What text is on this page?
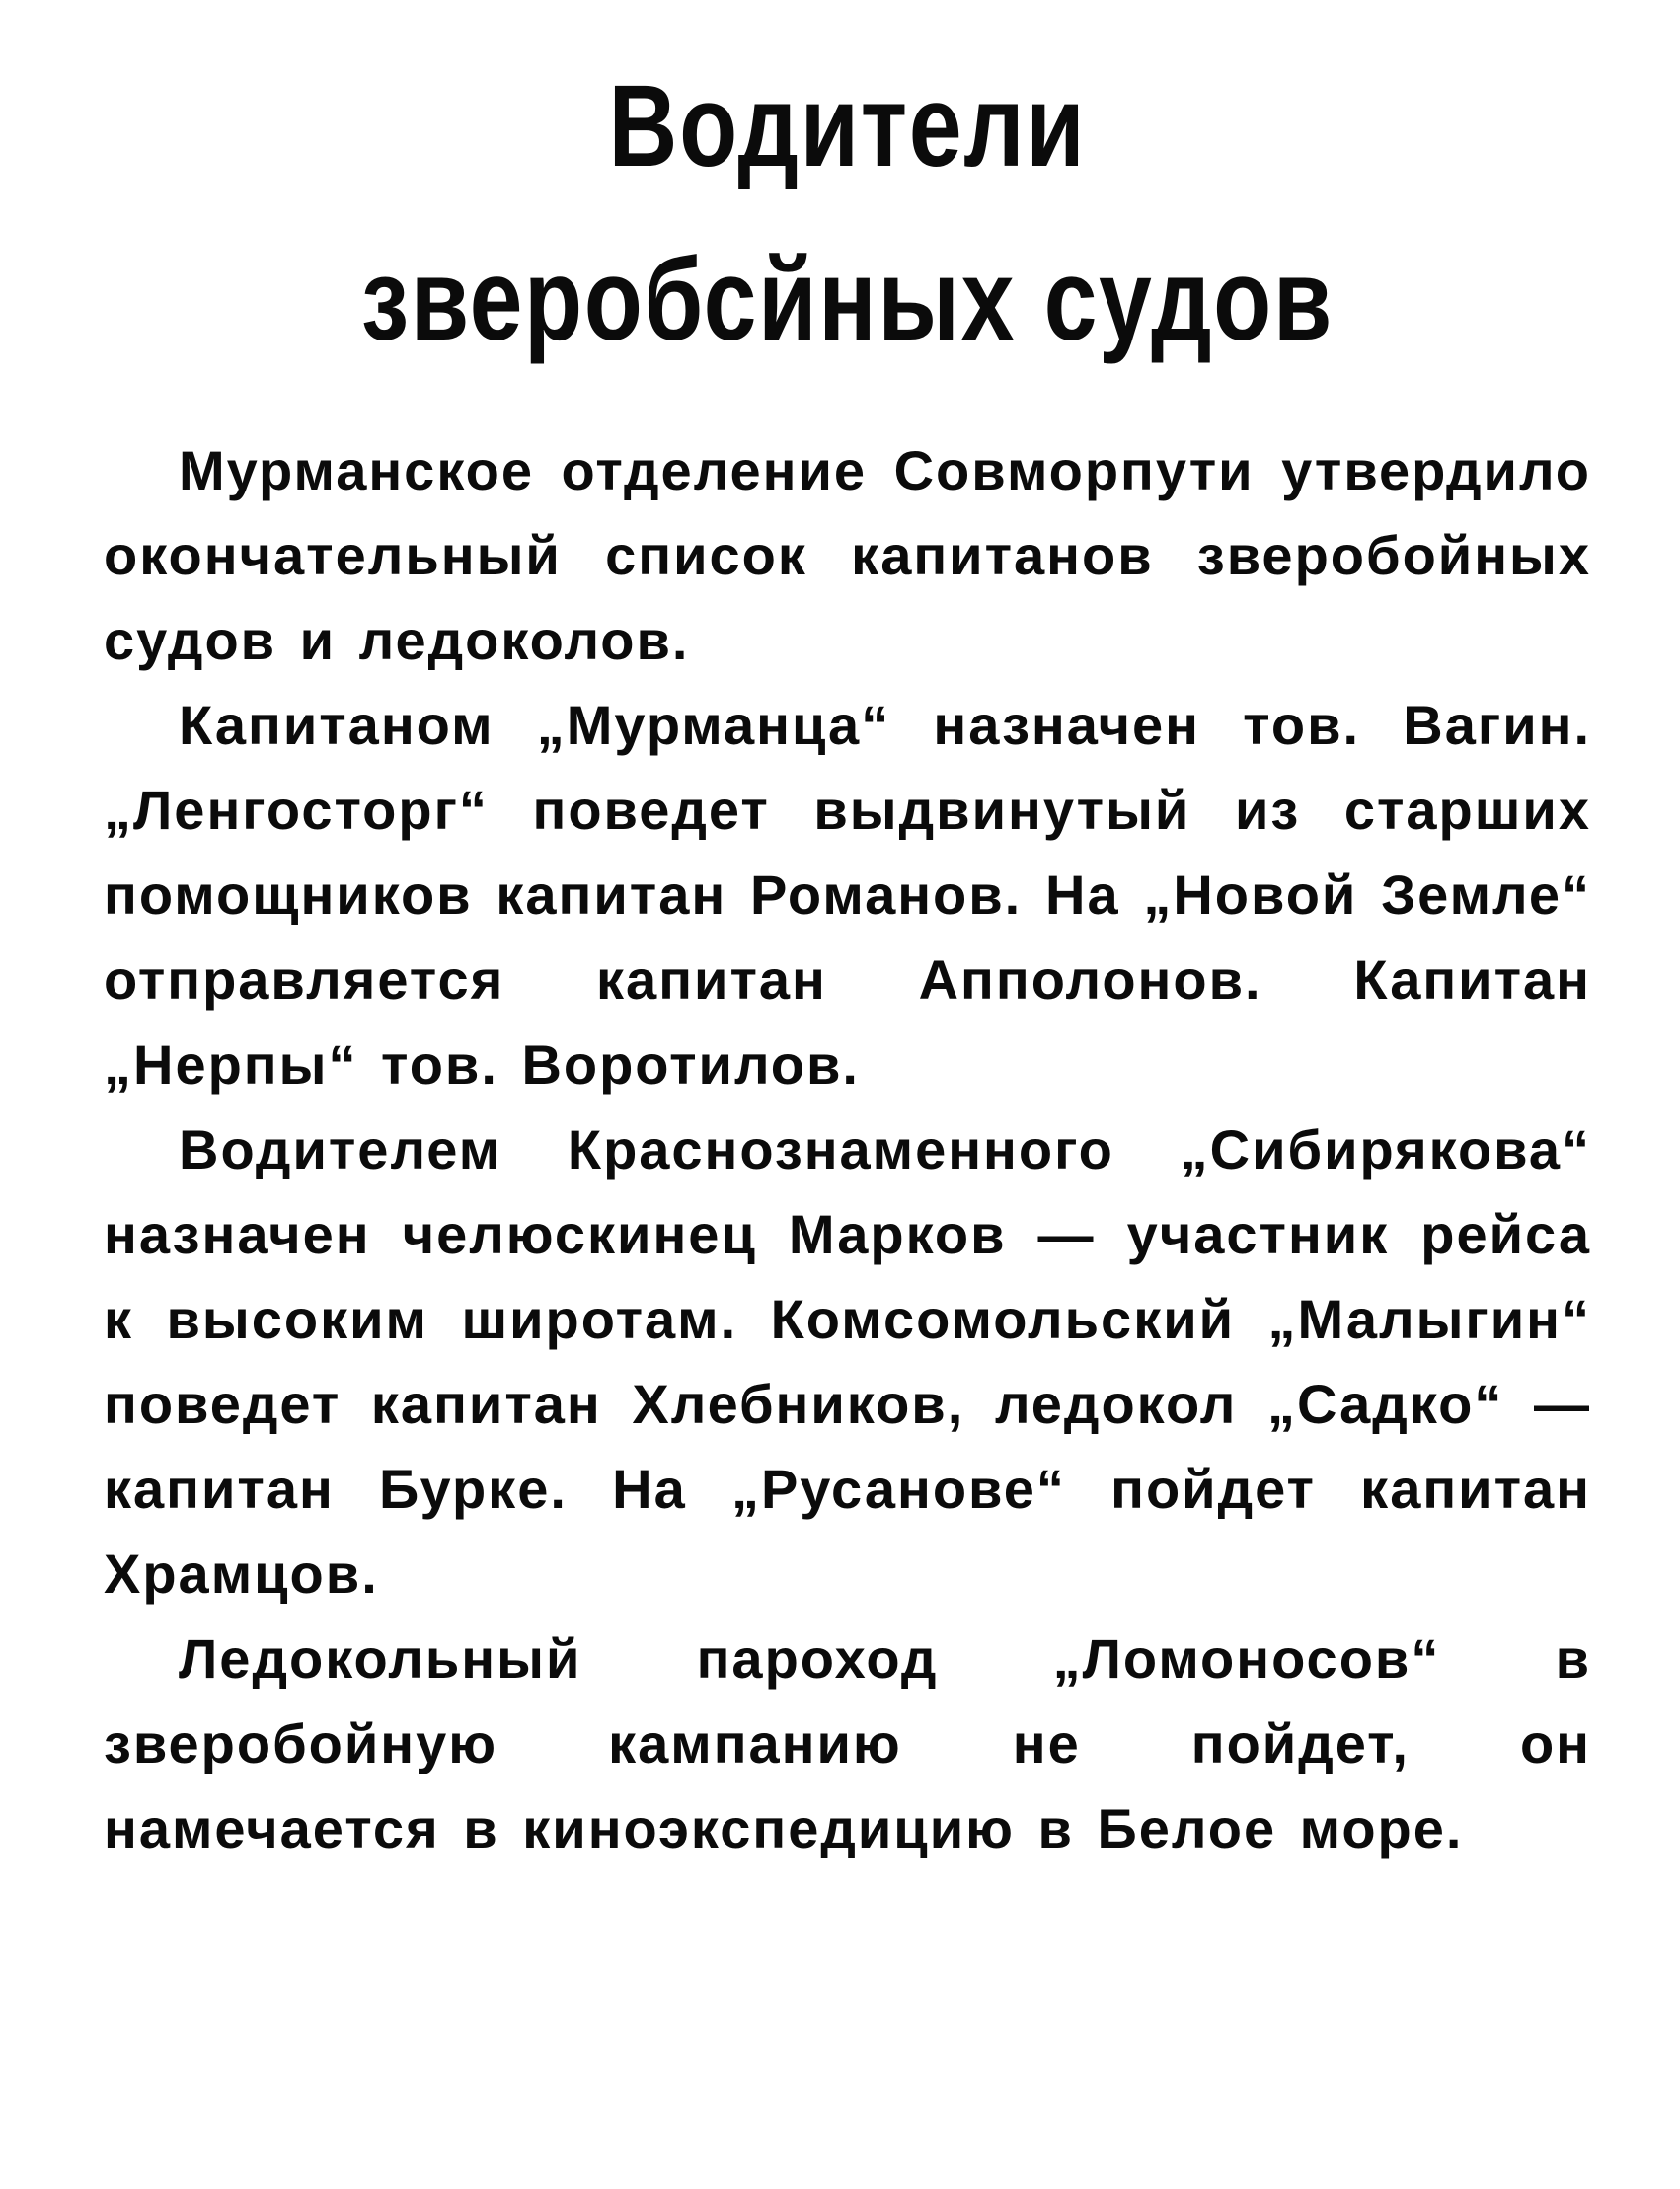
Водители
зверобсйных судов

Мурманское отделение Совморпути утвердило окончательный список капитанов зверобойных судов и ледоколов.

Капитаном „Мурманца“ назначен тов. Вагин. „Ленгосторг“ поведет выдвинутый из старших помощников капитан Романов. На „Новой Земле“ отправляется капитан Апполонов. Капитан „Нерпы“ тов. Воротилов.

Водителем Краснознаменного „Сибирякова“ назначен челюскинец Марков — участник рейса к высоким широтам. Комсомольский „Малыгин“ поведет капитан Хлебников, ледокол „Садко“ — капитан Бурке. На „Русанове“ пойдет капитан Храмцов.

Ледокольный пароход „Ломоносов“ в зверобойную кампанию не пойдет, он намечается в киноэкспедицию в Белое море.
